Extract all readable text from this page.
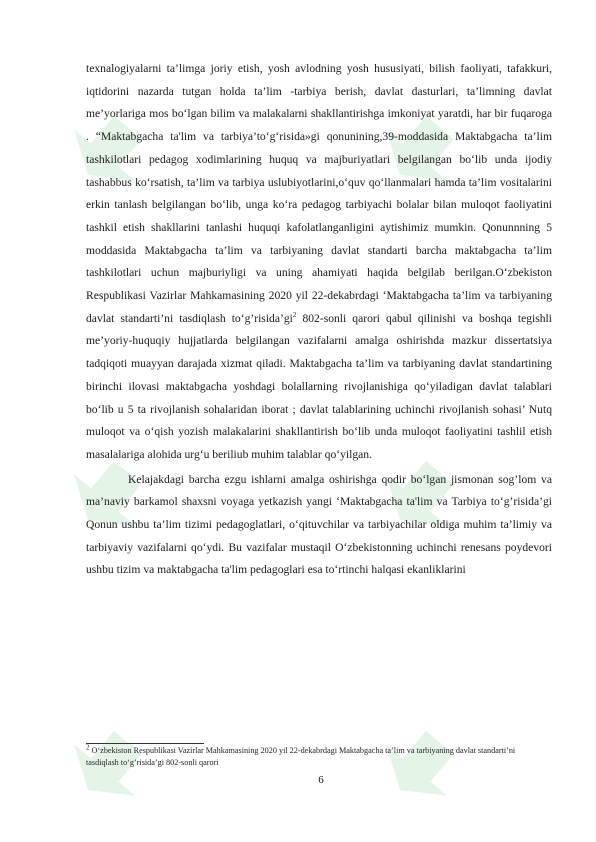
texnalogiyalarni ta’limga joriy etish, yosh avlodning yosh hususiyati, bilish faoliyati, tafakkuri, iqtidorini nazarda tutgan holda ta’lim -tarbiya berish, davlat dasturlari, ta’limning davlat me’yorlariga mos bo‘lgan bilim va malakalarni shakllantirishga imkoniyat yaratdi, har bir fuqaroga . “Maktabgacha ta'lim va tarbiya’to‘g‘risida»gi qonunining,39-moddasida Maktabgacha ta’lim tashkilotlari pedagog xodimlarining huquq va majburiyatlari belgilangan bo‘lib unda ijodiy tashabbus ko‘rsatish, ta’lim va tarbiya uslubiyotlarini,o‘quv qo‘llanmalari hamda ta’lim vositalarini erkin tanlash belgilangan bo‘lib, unga ko‘ra pedagog tarbiyachi bolalar bilan muloqot faoliyatini tashkil etish shakllarini tanlashi huquqi kafolatlanganligini aytishimiz mumkin. Qonunnning 5 moddasida Maktabgacha ta’lim va tarbiyaning davlat standarti barcha maktabgacha ta’lim tashkilotlari uchun majburiyligi va uning ahamiyati haqida belgilab berilgan.O‘zbekiston Respublikasi Vazirlar Mahkamasining 2020 yil 22-dekabrdagi ‘Maktabgacha ta’lim va tarbiyaning davlat standarti’ni tasdiqlash $to‘g’risida’gi^2$ 802-sonli qarori qabul qilinishi va boshqa tegishli me’yoriy-huquqiy hujjatlarda belgilangan vazifalarni amalga oshirishda mazkur dissertatsiya tadqiqoti muayyan darajada xizmat qiladi. Maktabgacha ta’lim va tarbiyaning davlat standartining birinchi ilovasi maktabgacha yoshdagi bolallarning rivojlanishiga qo‘yiladigan davlat talablari bo‘lib u 5 ta rivojlanish sohalaridan iborat ; davlat talablarining uchinchi rivojlanish sohasi’ Nutq muloqot va o‘qish yozish malakalarini shakllantirish bo‘lib unda muloqot faoliyatini tashlil etish masalalariga alohida urg‘u beriliub muhim talablar qo‘yilgan.

Kelajakdagi barcha ezgu ishlarni amalga oshirishga qodir bo‘lgan jismonan sog’lom va ma’naviy barkamol shaxsni voyaga yetkazish yangi ‘Maktabgacha ta'lim va Tarbiya to‘g’risida’gi Qonun ushbu ta’lim tizimi pedagoglatlari, o‘qituvchilar va tarbiyachilar oldiga muhim ta’limiy va tarbiyaviy vazifalarni qo‘ydi. Bu vazifalar mustaqil O‘zbekistonning uchinchi renesans poydevori ushbu tizim va maktabgacha ta'lim pedagoglari esa to‘rtinchi halqasi ekanliklarini

$^2$ O‘zbekiston Respublikasi Vazirlar Mahkamasining 2020 yil 22-dekabrdagi Maktabgacha ta’lim va tarbiyaning davlat standarti’ni tasdiqlash to‘g’risida’gi 802-sonli qarori
6
